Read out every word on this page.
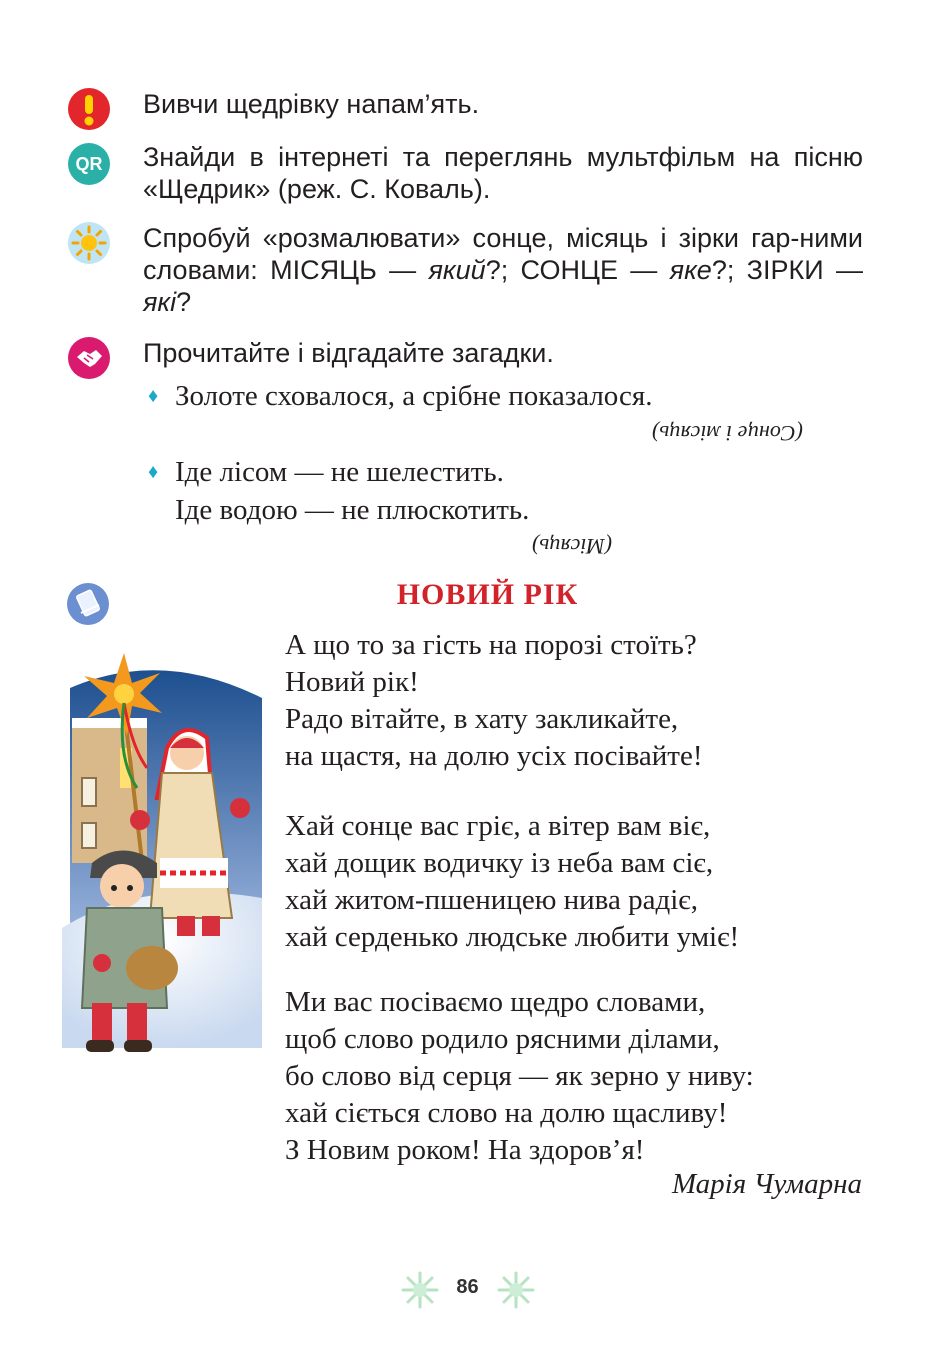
Вивчи щедрівку напам’ять.
QR Знайди в інтернеті та переглянь мультфільм на пісню «Щедрик» (реж. С. Коваль).
Спробуй «розмалювати» сонце, місяць і зірки гар-ними словами: МІСЯЦЬ — який?; СОНЦЕ — яке?; ЗІРКИ — які?
Прочитайте і відгадайте загадки.
♦ Золоте сховалося, а срібне показалося.
(Сонце і місяць)
♦ Іде лісом — не шелестить.
Іде водою — не плюскотить.
(Місяць)
НОВИЙ РІК
А що то за гість на порозі стоїть?
Новий рік!
Радо вітайте, в хату закликайте,
на щастя, на долю усіх посівайте!
Хай сонце вас гріє, а вітер вам віє,
хай дощик водичку із неба вам сіє,
хай житом-пшеницею нива радіє,
хай серденько людське любити уміє!
Ми вас посіваємо щедро словами,
щоб слово родило рясними ділами,
бо слово від серця — як зерно у ниву:
хай сіється слово на долю щасливу!
З Новим роком! На здоров’я!
Марія Чумарна
86
